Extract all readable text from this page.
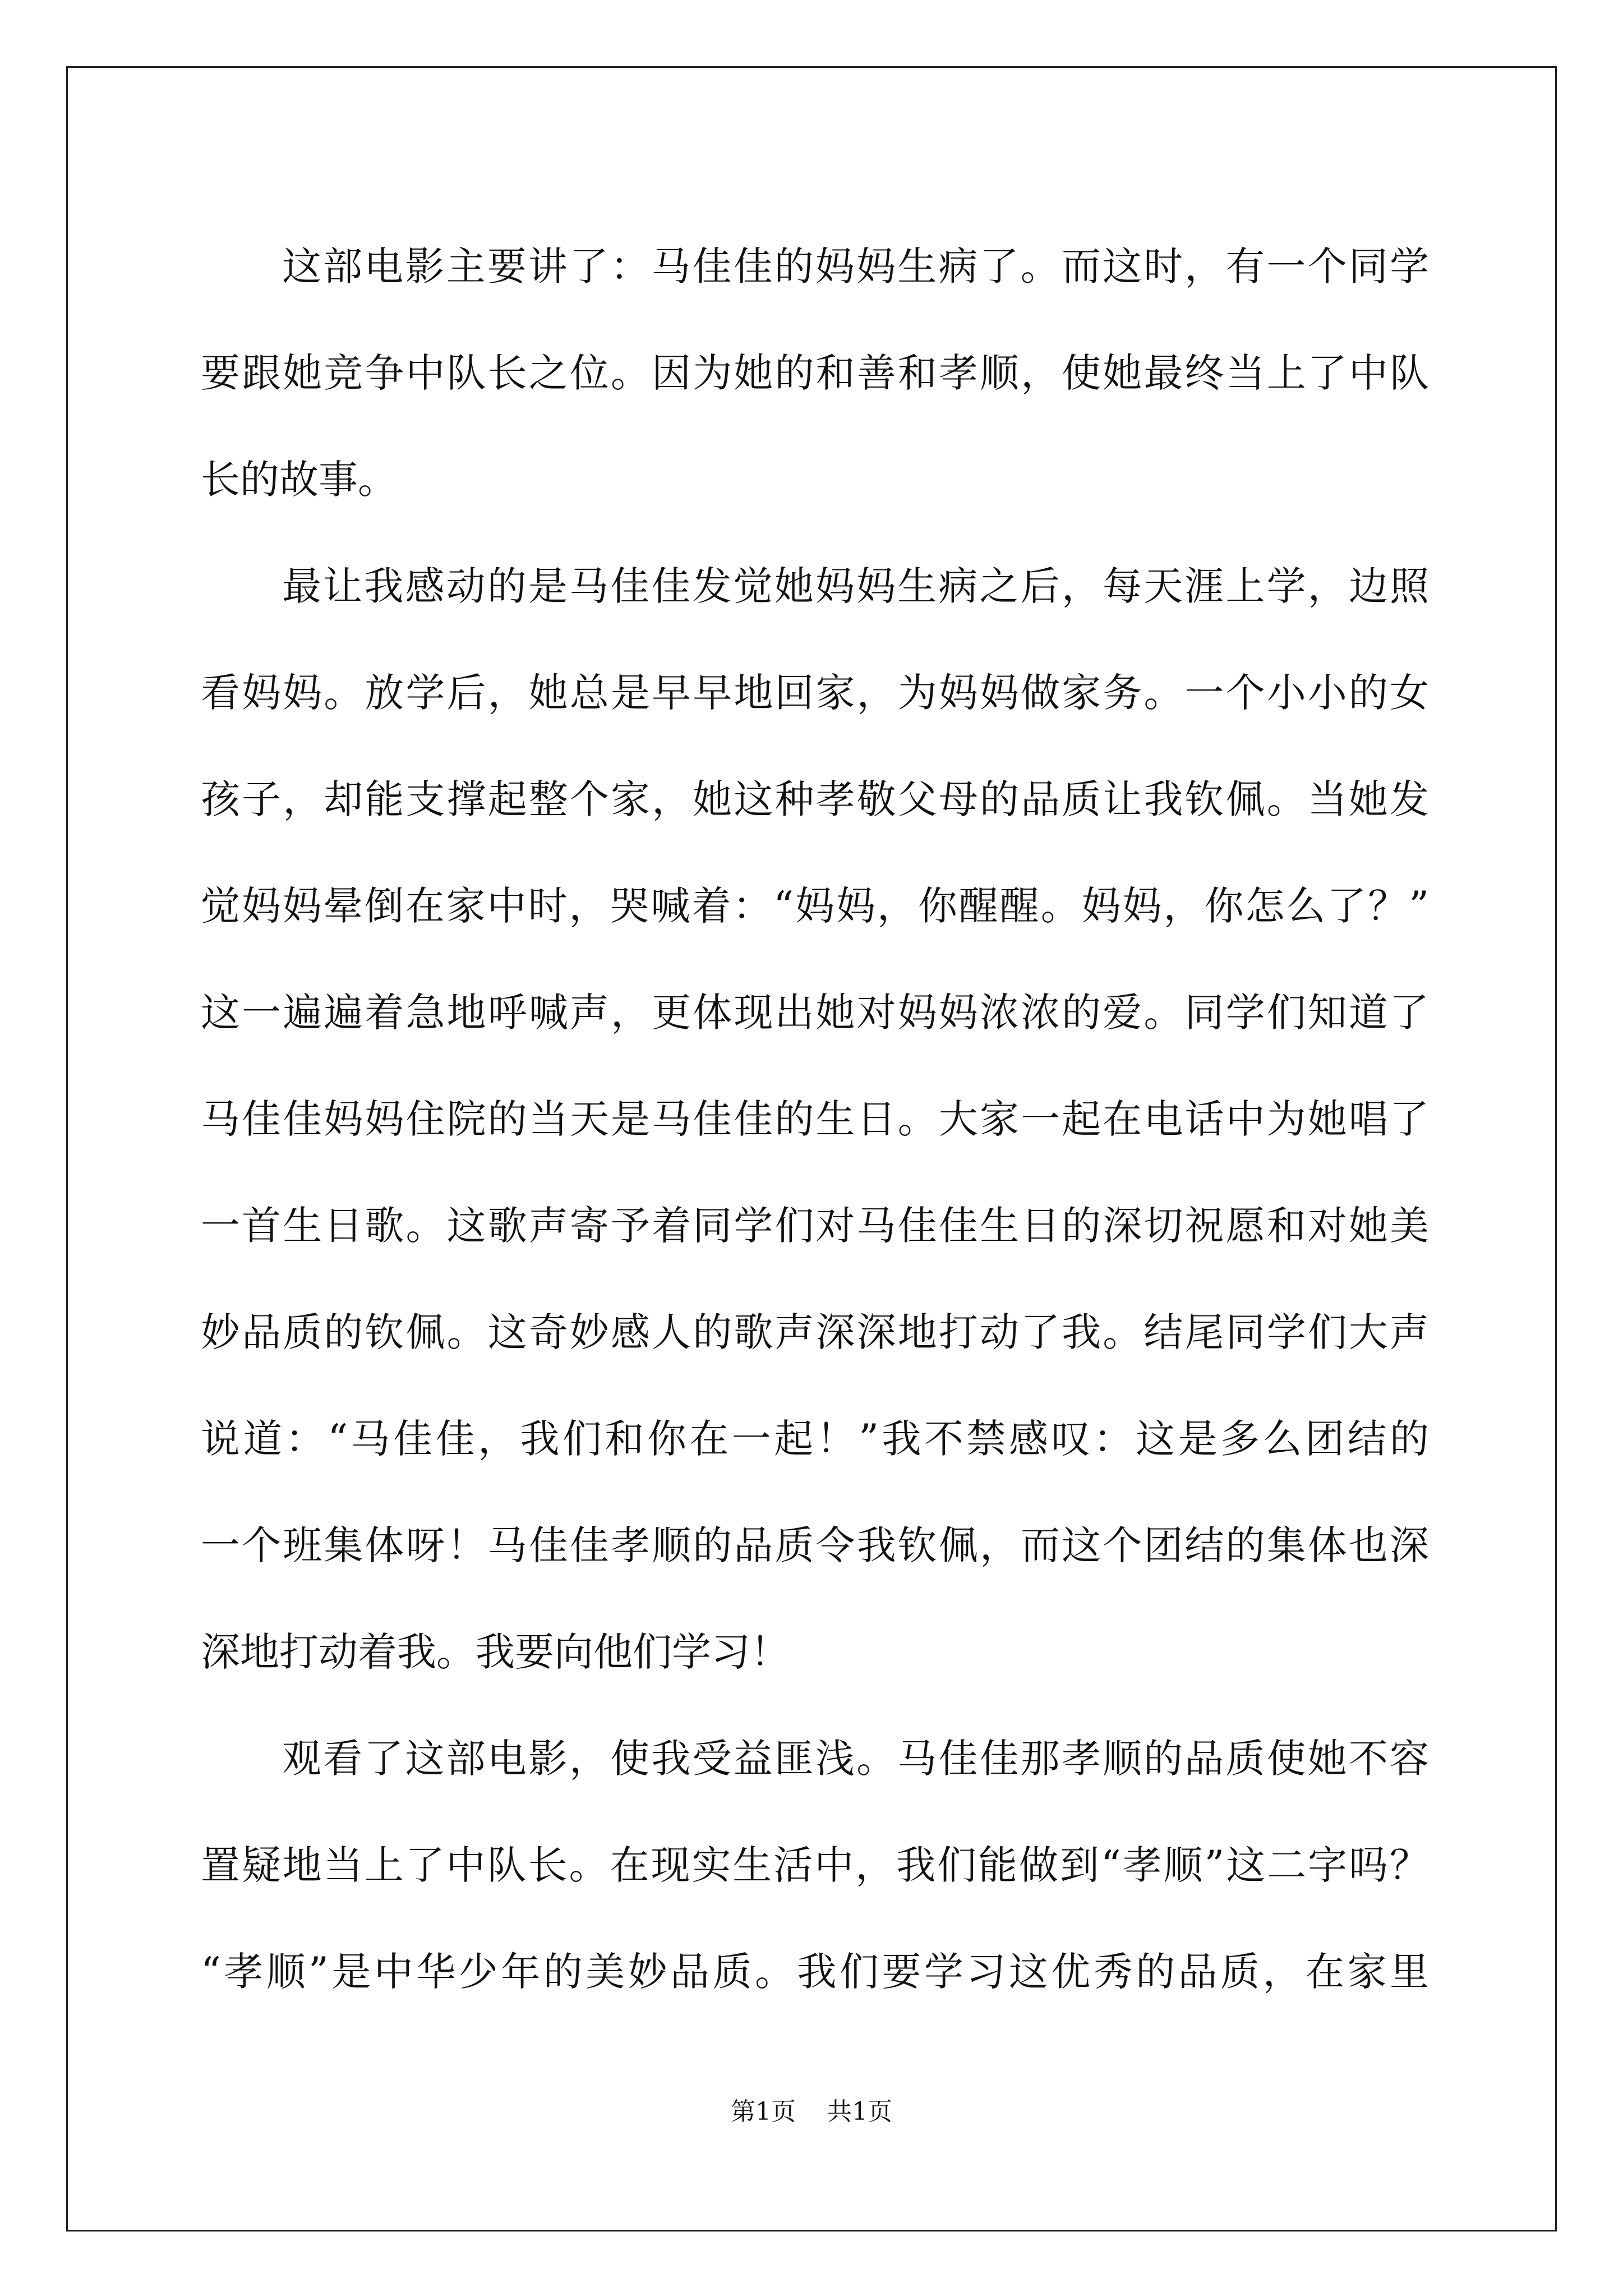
这部电影主要讲了：马佳佳的妈妈生病了。而这时，有一个同学
要跟她竞争中队长之位。因为她的和善和孝顺，使她最终当上了中队
长的故事。
最让我感动的是马佳佳发觉她妈妈生病之后，每天涯上学，边照
看妈妈。放学后，她总是早早地回家，为妈妈做家务。一个小小的女
孩子，却能支撑起整个家，她这种孝敬父母的品质让我钦佩。当她发
觉妈妈晕倒在家中时，哭喊着：“妈妈，你醒醒。妈妈，你怎么了？”
这一遍遍着急地呼喊声，更体现出她对妈妈浓浓的爱。同学们知道了
马佳佳妈妈住院的当天是马佳佳的生日。大家一起在电话中为她唱了
一首生日歌。这歌声寄予着同学们对马佳佳生日的深切祝愿和对她美
妙品质的钦佩。这奇妙感人的歌声深深地打动了我。结尾同学们大声
说道：“马佳佳，我们和你在一起！”我不禁感叹：这是多么团结的
一个班集体呀！马佳佳孝顺的品质令我钦佩，而这个团结的集体也深
深地打动着我。我要向他们学习！
观看了这部电影，使我受益匪浅。马佳佳那孝顺的品质使她不容
置疑地当上了中队长。在现实生活中，我们能做到“孝顺”这二字吗？
“孝顺”是中华少年的美妙品质。我们要学习这优秀的品质，在家里
第1页 共1页
